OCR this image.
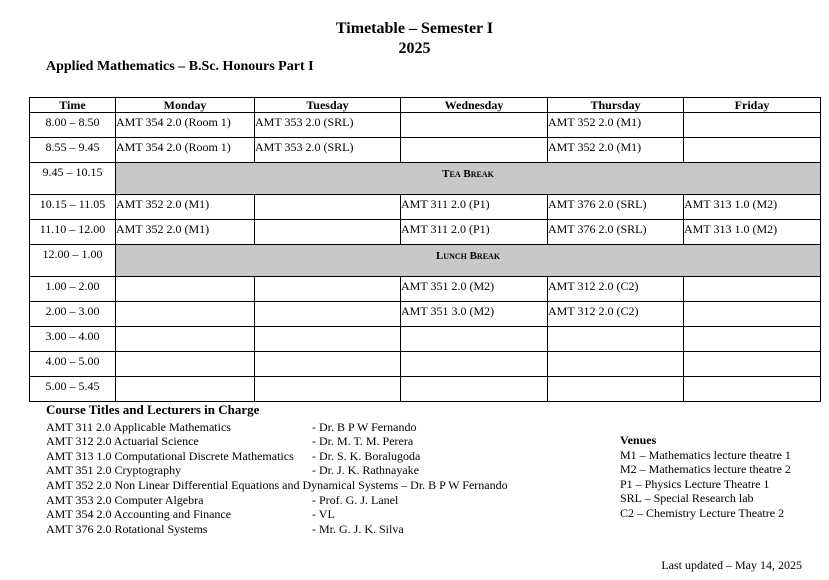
Timetable – Semester I
2025
Applied Mathematics – B.Sc. Honours Part I
Time	Monday	Tuesday	Wednesday	Thursday	Friday
8.00 – 8.50	AMT 354 2.0 (Room 1)	AMT 353 2.0 (SRL)		AMT 352 2.0 (M1)	
8.55 – 9.45	AMT 354 2.0 (Room 1)	AMT 353 2.0 (SRL)		AMT 352 2.0 (M1)	
9.45 – 10.15	Tea Break				
10.15 – 11.05	AMT 352 2.0 (M1)		AMT 311 2.0 (P1)	AMT 376 2.0 (SRL)	AMT 313 1.0 (M2)
11.10 – 12.00	AMT 352 2.0 (M1)		AMT 311 2.0 (P1)	AMT 376 2.0 (SRL)	AMT 313 1.0 (M2)
12.00 – 1.00	Lunch Break				
1.00 – 2.00			AMT 351 2.0 (M2)	AMT 312 2.0 (C2)	
2.00 – 3.00			AMT 351 3.0 (M2)	AMT 312 2.0 (C2)	
3.00 – 4.00					
4.00 – 5.00					
5.00 – 5.45					
Course Titles and Lecturers in Charge
AMT 311 2.0 Applicable Mathematics	- Dr. B P W Fernando
AMT 312 2.0 Actuarial Science	- Dr. M. T. M. Perera
AMT 313 1.0 Computational Discrete Mathematics - Dr. S. K. Boralugoda
AMT 351 2.0 Cryptography	- Dr. J. K. Rathnayake
AMT 352 2.0 Non Linear Differential Equations and Dynamical Systems – Dr. B P W Fernando
AMT 353 2.0 Computer Algebra	- Prof. G. J. Lanel
AMT 354 2.0 Accounting and Finance	- VL
AMT 376 2.0 Rotational Systems	- Mr. G. J. K. Silva
Venues
M1 – Mathematics lecture theatre 1
M2 – Mathematics lecture theatre 2
P1 – Physics Lecture Theatre 1
SRL – Special Research lab
C2 – Chemistry Lecture Theatre 2
Last updated – May 14, 2025
